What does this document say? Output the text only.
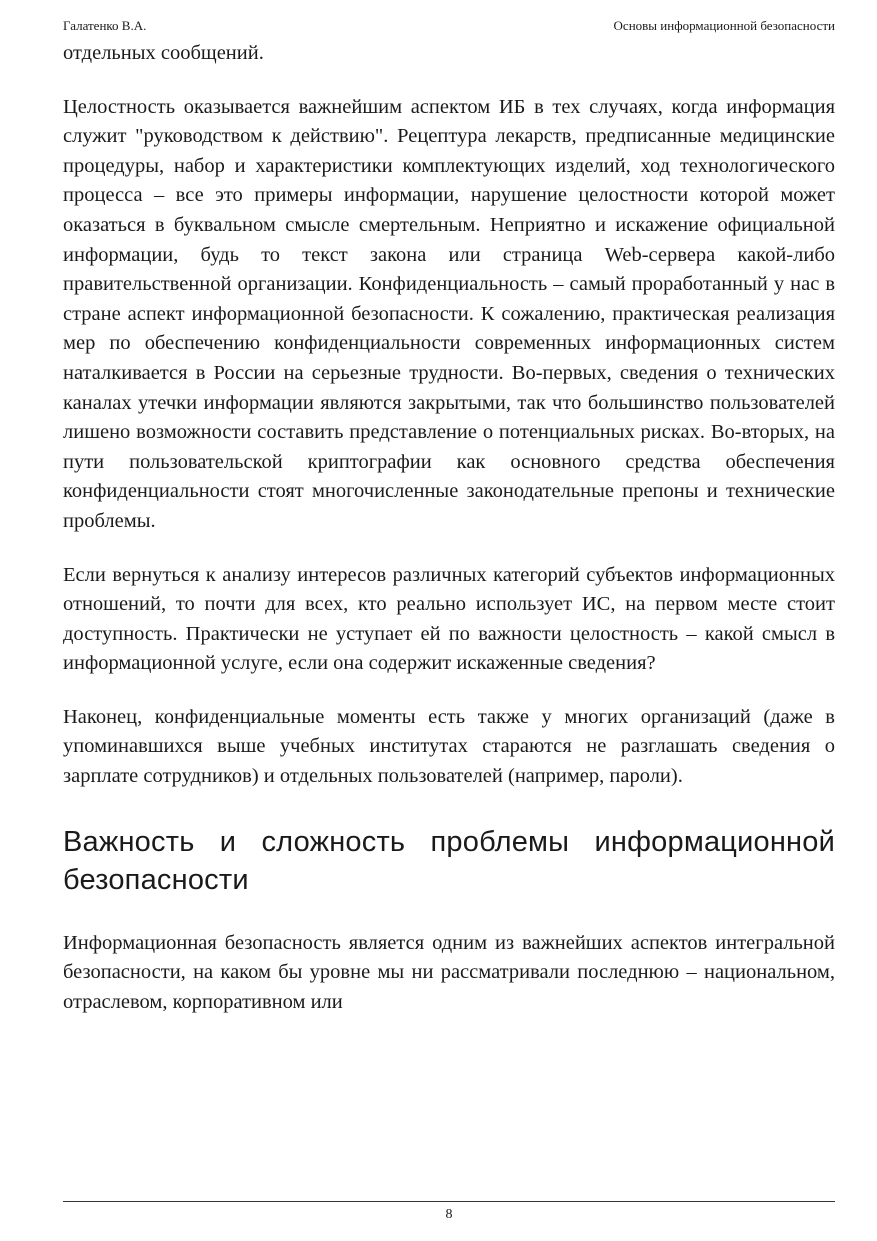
Галатенко В.А.	Основы информационной безопасности

отдельных сообщений.

Целостность оказывается важнейшим аспектом ИБ в тех случаях, когда информация служит "руководством к действию". Рецептура лекарств, предписанные медицинские процедуры, набор и характеристики комплектующих изделий, ход технологического процесса – все это примеры информации, нарушение целостности которой может оказаться в буквальном смысле смертельным. Неприятно и искажение официальной информации, будь то текст закона или страница Web-сервера какой-либо правительственной организации. Конфиденциальность – самый проработанный у нас в стране аспект информационной безопасности. К сожалению, практическая реализация мер по обеспечению конфиденциальности современных информационных систем наталкивается в России на серьезные трудности. Во-первых, сведения о технических каналах утечки информации являются закрытыми, так что большинство пользователей лишено возможности составить представление о потенциальных рисках. Во-вторых, на пути пользовательской криптографии как основного средства обеспечения конфиденциальности стоят многочисленные законодательные препоны и технические проблемы.

Если вернуться к анализу интересов различных категорий субъектов информационных отношений, то почти для всех, кто реально использует ИС, на первом месте стоит доступность. Практически не уступает ей по важности целостность – какой смысл в информационной услуге, если она содержит искаженные сведения?

Наконец, конфиденциальные моменты есть также у многих организаций (даже в упоминавшихся выше учебных институтах стараются не разглашать сведения о зарплате сотрудников) и отдельных пользователей (например, пароли).

Важность и сложность проблемы информационной безопасности

Информационная безопасность является одним из важнейших аспектов интегральной безопасности, на каком бы уровне мы ни рассматривали последнюю – национальном, отраслевом, корпоративном или

8
